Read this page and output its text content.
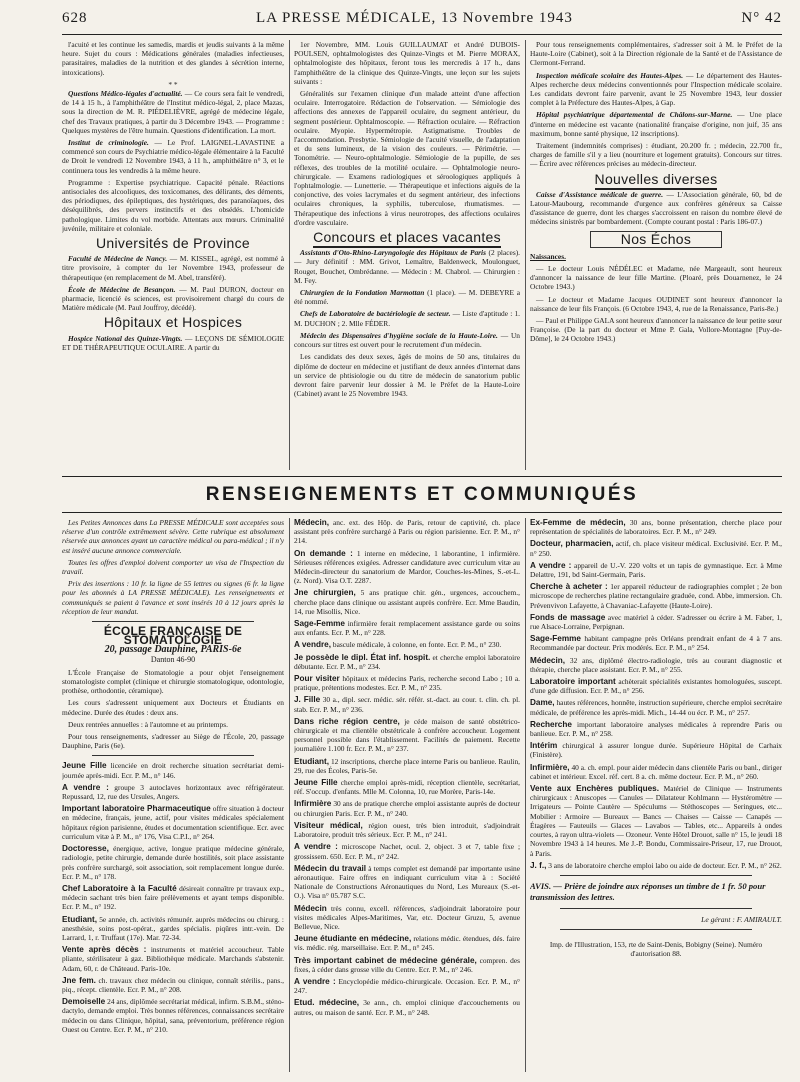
628	LA PRESSE MÉDICALE, 13 Novembre 1943	N° 42

l'acuité et les continue les samedis, mardis et jeudis suivants à la même heure. Sujet du cours : Médications générales (maladies infectieuses, parasitaires, maladies de la nutrition et des glandes à sécrétion interne, intoxications).

* *

Questions Médico-légales d'actualité. — Ce cours sera fait le vendredi, de 14 à 15 h., à l'amphithéâtre de l'Institut médico-légal, 2, place Mazas, sous la direction de M. R. PIÉDELIÈVRE, agrégé de médecine légale, chef des Travaux pratiques, à partir du 3 Décembre 1943. — Programme : Quelques mystères de l'être humain. Questions d'identification. La mort.

Institut de criminologie. — Le Prof. LAIGNEL-LAVASTINE a commencé son cours de Psychiatrie médico-légale élémentaire à la Faculté de Droit le vendredi 12 Novembre 1943, à 11 h., amphithéâtre n° 3, et le continuera tous les vendredis à la même heure.

Programme : Expertise psychiatrique. Capacité pénale. Réactions antisociales des alcooliques, des toxicomanes, des délirants, des déments, des périodiques, des épileptiques, des hystériques, des paranoïaques, des déséquilibrés, des pervers instinctifs et des obsédés. L'homicide pathologique. Limites du vol morbide. Attentats aux mœurs. Criminalité juvénile, militaire et coloniale.

Universités de Province

Faculté de Médecine de Nancy. — M. KISSEL, agrégé, est nommé à titre provisoire, à compter du 1er Novembre 1943, professeur de thérapeutique (en remplacement de M. Abel, transféré).

École de Médecine de Besançon. — M. Paul DURON, docteur en pharmacie, licencié ès sciences, est provisoirement chargé du cours de Matière médicale (M. Paul Jouffroy, décédé).

Hôpitaux et Hospices

Hospice National des Quinze-Vingts. — LEÇONS DE SÉMIOLOGIE ET DE THÉRAPEUTIQUE OCULAIRE. A partir du

1er Novembre, MM. Louis GUILLAUMAT et André DUBOIS-POULSEN, ophtalmologistes des Quinze-Vingts et M. Pierre MORAX, ophtalmologiste des hôpitaux, feront tous les mercredis à 17 h., dans l'amphithéâtre de la clinique des Quinze-Vingts, une leçon sur les sujets suivants :

Généralités sur l'examen clinique d'un malade atteint d'une affection oculaire. Interrogatoire. Rédaction de l'observation. — Sémiologie des affections des annexes de l'appareil oculaire, du segment antérieur, du segment postérieur. Ophtalmoscopie. — Réfraction oculaire. — Réfraction oculaire. Myopie. Hypermétropie. Astigmatisme. Troubles de l'accommodation. Presbytie. Sémiologie de l'acuité visuelle, de l'adaptation et du sens lumineux, de la vision des couleurs. — Périmétrie. — Tonométrie. — Neuro-ophtalmologie. Sémiologie de la pupille, de ses réflexes, des troubles de la motilité oculaire. — Ophtalmologie neuro-chirurgicale. — Examens radiologiques et séroologiques appliqués à l'ophtalmologie. — Lunetterie. — Thérapeutique et infections aiguës de la conjonctive, des voies lacrymales et du segment antérieur, des infections oculaires chroniques, la syphilis, tuberculose, rhumatismes. — Thérapeutique des infections à virus neurotropes, des affections oculaires d'ordre vasculaire.

Concours et places vacantes

Assistants d'Oto-Rhino-Laryngologie des Hôpitaux de Paris (2 places). — Jury définitif : MM. Grivot, Lemaître, Baldenweck, Moulonguet, Rouget, Bouchet, Ombrédanne. — Médecin : M. Chabrol. — Chirurgien : M. Fey.

Chirurgien de la Fondation Marmottan (1 place). — M. DEBEYRE a été nommé.

Chefs de Laboratoire de bactériologie de secteur. — Liste d'aptitude : 1. M. DUCHON ; 2. Mlle FÉDER.

Médecin des Dispensaires d'hygiène sociale de la Haute-Loire. — Un concours sur titres est ouvert pour le recrutement d'un médecin.

Les candidats des deux sexes, âgés de moins de 50 ans, titulaires du diplôme de docteur en médecine et justifiant de deux années d'internat dans un service de phtisiologie ou du titre de médecin de sanatorium public devront faire parvenir leur dossier à M. le Préfet de la Haute-Loire (Cabinet) avant le 25 Novembre 1943.

Pour tous renseignements complémentaires, s'adresser soit à M. le Préfet de la Haute-Loire (Cabinet), soit à la Direction régionale de la Santé et de l'Assistance de Clermont-Ferrand.

Inspection médicale scolaire des Hautes-Alpes. — Le département des Hautes-Alpes recherche deux médecins conventionnés pour l'Inspection médicale scolaire. Les candidats devront faire parvenir, avant le 25 Novembre 1943, leur dossier complet à la Préfecture des Hautes-Alpes, à Gap.

Hôpital psychiatrique départemental de Châlons-sur-Marne. — Une place d'interne en médecine est vacante (nationalité française d'origine, non juif, 35 ans maximum, bonne santé physique, 12 inscriptions).

Traitement (indemnités comprises) : étudiant, 20.200 fr. ; médecin, 22.700 fr., charges de famille s'il y a lieu (nourriture et logement gratuits). Concours sur titres. — Écrire avec références précises au médecin-directeur.

Nouvelles diverses

Caisse d'Assistance médicale de guerre. — L'Association générale, 60, bd de Latour-Maubourg, recommande d'urgence aux confrères généreux sa Caisse d'assistance de guerre, dont les charges s'accroissent en raison du nombre élevé de médecins sinistrés par bombardement. (Compte courant postal : Paris 186-07.)

Nos Échos

Naissances.

— Le docteur Louis NÉDÉLEC et Madame, née Margeault, sont heureux d'annoncer la naissance de leur fille Martine. (Ploaré, près Douarnenez, le 24 Octobre 1943.)

— Le docteur et Madame Jacques OUDINET sont heureux d'annoncer la naissance de leur fils François. (6 Octobre 1943, 4, rue de la Renaissance, Paris-8e.)

— Paul et Philippe GALA sont heureux d'annoncer la naissance de leur petite sœur Françoise. (De la part du docteur et Mme P. Gala, Vollore-Montagne [Puy-de-Dôme], le 24 Octobre 1943.)

RENSEIGNEMENTS ET COMMUNIQUÉS

Les Petites Annonces dans La PRESSE MÉDICALE sont acceptées sous réserve d'un contrôle extrêmement sévère. Cette rubrique est absolument réservée aux annonces ayant un caractère médical ou para-médical ; il n'y est inséré aucune annonce commerciale.

Toutes les offres d'emploi doivent comporter un visa de l'Inspection du travail.

Prix des insertions : 10 fr. la ligne de 55 lettres ou signes (6 fr. la ligne pour les abonnés à LA PRESSE MÉDICALE). Les renseignements et communiqués se paient à l'avance et sont insérés 10 à 12 jours après la réception de leur mandat.

ÉCOLE FRANÇAISE DE STOMATOLOGIE
20, passage Dauphine, PARIS-6e
Danton 46-90

L'École Française de Stomatologie a pour objet l'enseignement stomatologiste complet (clinique et chirurgie stomatologique, odontologie, prothèse, orthodontie, céramique).

Les cours s'adressent uniquement aux Docteurs et Étudiants en médecine. Durée des études : deux ans.

Deux rentrées annuelles : à l'automne et au printemps.

Pour tous renseignements, s'adresser au Siège de l'École, 20, passage Dauphine, Paris (6e).

Jeune Fille licenciée en droit recherche situation secrétariat demi-journée après-midi. Ecr. P. M., n° 146.

A vendre : groupe 3 autoclaves horizontaux avec réfrigérateur. Repussard, 12, rue des Ursules, Angers.

Important laboratoire Pharmaceutique offre situation à docteur en médecine, français, jeune, actif, pour visites médicales spécialement hôpitaux région parisienne, études et documentation scientifique. Ecr. avec curriculum vitæ à P. M., n° 176, Visa C.P.I., n° 264.

Doctoresse, énergique, active, longue pratique médecine générale, radiologie, petite chirurgie, demande durée hostilités, soit place assistante près confrère surchargé, soit association, soit remplacement longue durée. Ecr. P. M., n° 178.

Chef Laboratoire à la Faculté désireait connaître pr travaux exp., médecin sachant très bien faire prélèvements et ayant temps disponible. Ecr. P. M., n° 192.

Etudiant, 5e année, ch. activités rémunér. auprès médecins ou chirurg. : anesthésie, soins post-opérat., gardes spécialis. piqûres intr.-vein. De Larrard, 1, r. Truffaut (17e). Mar. 72-34.

Vente après décès : instruments et matériel accoucheur. Table pliante, stérilisateur à gaz. Bibliothèque médicale. Marchands s'abstenir. Adam, 60, r. de Châteaud. Paris-10e.

Jne fem. ch. travaux chez médecin ou clinique, connaît stérilis., pans., piq., récept. clientèle. Ecr. P. M., n° 208.

Demoiselle 24 ans, diplômée secrétariat médical, infirm. S.B.M., sténo-dactylo, demande emploi. Très bonnes références, connaissances secrétaire médecin ou dans Clinique, hôpital, sana, préventorium, préférence région Ouest ou Centre. Ecr. P. M., n° 210.

Médecin, anc. ext. des Hôp. de Paris, retour de captivité, ch. place assistant près confrère surchargé à Paris ou région parisienne. Ecr. P. M., n° 214.

On demande : 1 interne en médecine, 1 laborantine, 1 infirmière. Sérieuses références exigées. Adresser candidature avec curriculum vitæ au Médecin-directeur du sanatorium de Mardor, Couches-les-Mines, S.-et-L. (z. Nord). Visa O.T. 2287.

Jne chirurgien, 5 ans pratique chir. gén., urgences, accouchem., cherche place dans clinique ou assistant auprès confrère. Ecr. Mme Baudin, 14, rue Misollis, Nice.

Sage-Femme infirmière ferait remplacement assistance garde ou soins aux enfants. Ecr. P. M., n° 228.

A vendre, bascule médicale, à colonne, en fonte. Ecr. P. M., n° 230.

Je possède le dipl. État inf. hospit. et cherche emploi laboratoire débutante. Ecr. P. M., n° 234.

Pour visiter hôpitaux et médecins Paris, recherche second Labo ; 10 a. pratique, prétentions modestes. Ecr. P. M., n° 235.

J. Fille 30 a., dipl. secr. médic. sér. référ. st.-dact. au cour. t. clin. ch. pl. stab. Ecr. P. M., n° 236.

Dans riche région centre, je céde maison de santé obstétrico-chirurgicale et ma clientèle obstétricale à confrère accoucheur. Logement personnel possible dans l'établissement. Facilités de paiement. Recette journalière 1.100 fr. Ecr. P. M., n° 237.

Etudiant, 12 inscriptions, cherche place interne Paris ou banlieue. Raulin, 29, rue des Écoles, Paris-5e.

Jeune Fille cherche emploi après-midi, réception clientèle, secrétariat, réf. S'occup. d'enfants. Mlle M. Colonna, 10, rue Morère, Paris-14e.

Infirmière 30 ans de pratique cherche emploi assistante auprès de docteur ou chirurgien Paris. Ecr. P. M., n° 240.

Visiteur médical, région ouest, très bien introduit, s'adjoindrait Laboratoire, produit très sérieux. Ecr. P. M., n° 241.

A vendre : microscope Nachet, ocul. 2, object. 3 et 7, table fixe ; grossissem. 650. Ecr. P. M., n° 242.

Médecin du travail à temps complet est demandé par importante usine aéronautique. Faire offres en indiquant curriculum vitæ à : Société Nationale de Constructions Aéronautiques du Nord, Les Mureaux (S.-et-O.). Visa n° 05.787 S.C.

Médecin très connu, excell. références, s'adjoindrait laboratoire pour visites médicales Alpes-Maritimes, Var, etc. Docteur Gruzu, 5, avenue Bellevue, Nice.

Jeune étudiante en médecine, relations médic. étendues, dés. faire vis. médic. rég. marseillaise. Ecr. P. M., n° 245.

Très important cabinet de médecine générale, compren. des fixes, à céder dans grosse ville du Centre. Ecr. P. M., n° 246.

A vendre : Encyclopédie médico-chirurgicale. Occasion. Ecr. P. M., n° 247.

Etud. médecine, 3e ann., ch. emploi clinique d'accouchements ou autres, ou maison de santé. Ecr. P. M., n° 248.

Ex-Femme de médecin, 30 ans, bonne présentation, cherche place pour représentation de spécialités de laboratoires. Ecr. P. M., n° 249.

Docteur, pharmacien, actif, ch. place visiteur médical. Exclusivité. Ecr. P. M., n° 250.

A vendre : appareil de U.-V. 220 volts et un tapis de gymnastique. Ecr. à Mme Delattre, 191, bd Saint-Germain, Paris.

Cherche à acheter : 1er appareil réducteur de radiographies complet ; 2e bon microscope de recherches platine rectangulaire graduée, cond. Abbe, immersion. Ch. Prévenvivon Lafayette, à Chavaniac-Lafayette (Haute-Loire).

Fonds de massage avec matériel à céder. S'adresser ou écrire à M. Faber, 1, rue Alsace-Lorraine, Perpignan.

Sage-Femme habitant campagne près Orléans prendrait enfant de 4 à 7 ans. Recommandée par docteur. Prix modérés. Ecr. P. M., n° 254.

Médecin, 32 ans, diplômé électro-radiologie, très au courant diagnostic et thérapie, cherche place assistant. Ecr. P. M., n° 255.

Laboratoire important achèterait spécialités existantes homologuées, suscept. d'une gde diffusion. Ecr. P. M., n° 256.

Dame, hautes références, honnête, instruction supérieure, cherche emploi secrétaire médicale, de préférence les après-midi. Mich., 14-44 ou écr. P. M., n° 257.

Recherche important laboratoire analyses médicales à reprendre Paris ou banlieue. Ecr. P. M., n° 258.

Intérim chirurgical à assurer longue durée. Supérieure Hôpital de Carhaix (Finistère).

Infirmière, 40 a. ch. empl. pour aider médecin dans clientèle Paris ou banl., diriger cabinet et intérieur. Excel. réf. cert. 8 a. ch. même docteur. Ecr. P. M., n° 260.

Vente aux Enchères publiques. Matériel de Clinique — Instruments chirurgicaux : Anuscopes — Canules — Dilatateur Kohlmann — Hystéromètre — Irrigateurs — Pointe Cautère — Spéculums — Stéthoscopes — Seringues, etc... Mobilier : Armoire — Bureaux — Bancs — Chaises — Caisse — Canapés — Étagères — Fauteuils — Glaces — Lavabos — Tables, etc... Appareils à ondes courtes, à rayon ultra-violets — Ozoneur. Vente Hôtel Drouot, salle n° 15, le jeudi 18 Novembre 1943 à 14 heures. Me J.-P. Bondu, Commissaire-Priseur, 17, rue Drouot, à Paris.

J. f., 3 ans de laboratoire cherche emploi labo ou aide de docteur. Ecr. P. M., n° 262.

AVIS. — Prière de joindre aux réponses un timbre de 1 fr. 50 pour transmission des lettres.
Le gérant : F. AMIRAULT.
Imp. de l'Illustration, 153, rte de Saint-Denis, Bobigny (Seine). Numéro d'autorisation 88.
